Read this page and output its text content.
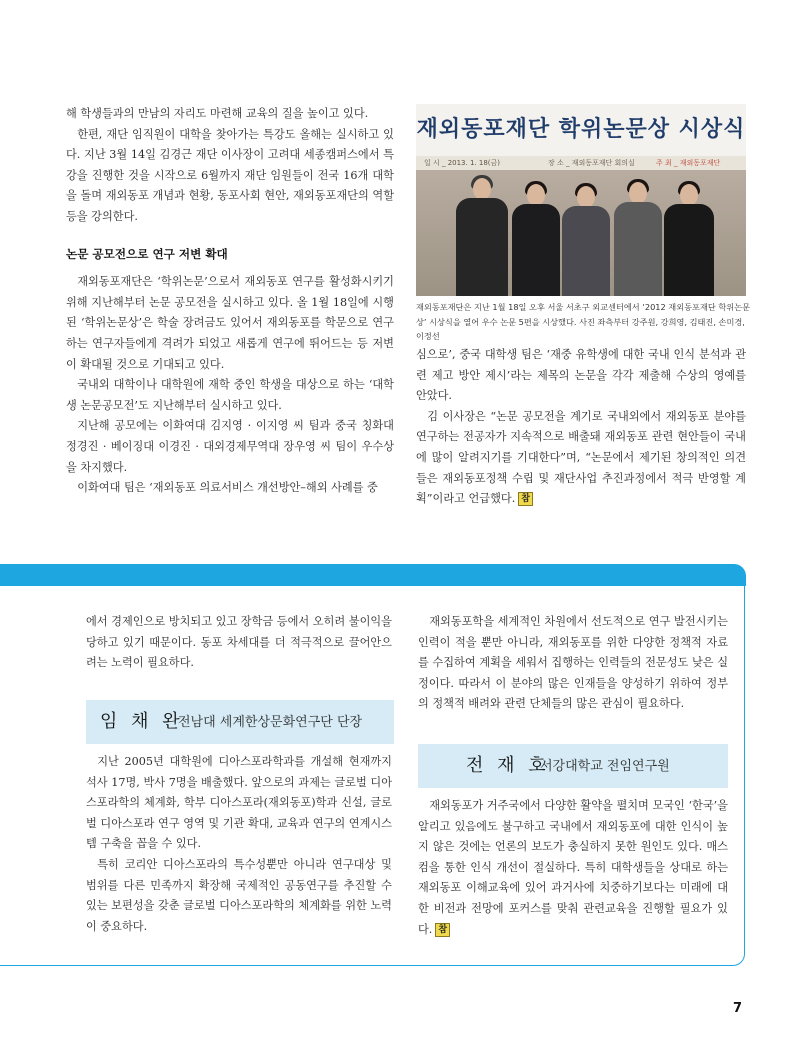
해 학생들과의 만남의 자리도 마련해 교육의 질을 높이고 있다.

한편, 재단 임직원이 대학을 찾아가는 특강도 올해는 실시하고 있다. 지난 3월 14일 김경근 재단 이사장이 고려대 세종캠퍼스에서 특강을 진행한 것을 시작으로 6월까지 재단 임원들이 전국 16개 대학을 돌며 재외동포 개념과 현황, 동포사회 현안, 재외동포재단의 역할 등을 강의한다.

논문 공모전으로 연구 저변 확대

재외동포재단은 ‘학위논문’으로서 재외동포 연구를 활성화시키기 위해 지난해부터 논문 공모전을 실시하고 있다. 올 1월 18일에 시행된 ‘학위논문상’은 학술 장려금도 있어서 재외동포를 학문으로 연구하는 연구자들에게 격려가 되었고 새롭게 연구에 뛰어드는 등 저변이 확대될 것으로 기대되고 있다.

국내외 대학이나 대학원에 재학 중인 학생을 대상으로 하는 ‘대학생 논문공모전’도 지난해부터 실시하고 있다.

지난해 공모에는 이화여대 김지영 · 이지영 씨 팀과 중국 칭화대 정경진 · 베이징대 이경진 · 대외경제무역대 장우영 씨 팀이 우수상을 차지했다.

이화여대 팀은 ‘재외동포 의료서비스 개선방안–해외 사례를 중

재외동포재단 학위논문상 시상식
일 시 _ 2013. 1. 18(금)	장 소 _ 재외동포재단 회의실	주 최 _ 재외동포재단

재외동포재단은 지난 1월 18일 오후 서울 서초구 외교센터에서 ‘2012 재외동포재단 학위논문상’ 시상식을 열어 우수 논문 5편을 시상했다. 사진 좌측부터 강주원, 강희영, 김태진, 손미경, 이정선

심으로’, 중국 대학생 팀은 ‘재중 유학생에 대한 국내 인식 분석과 관련 제고 방안 제시’라는 제목의 논문을 각각 제출해 수상의 영예를 안았다.

김 이사장은 “논문 공모전을 계기로 국내외에서 재외동포 분야를 연구하는 전공자가 지속적으로 배출돼 재외동포 관련 현안들이 국내에 많이 알려지기를 기대한다”며, “논문에서 제기된 창의적인 의견들은 재외동포정책 수립 및 재단사업 추진과정에서 적극 반영할 계획”이라고 언급했다. 참

에서 경제인으로 방치되고 있고 장학금 등에서 오히려 불이익을 당하고 있기 때문이다. 동포 차세대를 더 적극적으로 끌어안으려는 노력이 필요하다.

임 채 완
전남대 세계한상문화연구단 단장

지난 2005년 대학원에 디아스포라학과를 개설해 현재까지 석사 17명, 박사 7명을 배출했다. 앞으로의 과제는 글로벌 디아스포라학의 체계화, 학부 디아스포라(재외동포)학과 신설, 글로벌 디아스포라 연구 영역 및 기관 확대, 교육과 연구의 연계시스템 구축을 꼽을 수 있다.

특히 코리안 디아스포라의 특수성뿐만 아니라 연구대상 및 범위를 다른 민족까지 확장해 국제적인 공동연구를 추진할 수 있는 보편성을 갖춘 글로벌 디아스포라학의 체계화를 위한 노력이 중요하다.

재외동포학을 세계적인 차원에서 선도적으로 연구 발전시키는 인력이 적을 뿐만 아니라, 재외동포를 위한 다양한 정책적 자료를 수집하여 계획을 세워서 집행하는 인력들의 전문성도 낮은 실정이다. 따라서 이 분야의 많은 인재들을 양성하기 위하여 정부의 정책적 배려와 관련 단체들의 많은 관심이 필요하다.

전 재 호
서강대학교 전임연구원

재외동포가 거주국에서 다양한 활약을 펼치며 모국인 ‘한국’을 알리고 있음에도 불구하고 국내에서 재외동포에 대한 인식이 높지 않은 것에는 언론의 보도가 충실하지 못한 원인도 있다. 매스컴을 통한 인식 개선이 절실하다. 특히 대학생들을 상대로 하는 재외동포 이해교육에 있어 과거사에 치중하기보다는 미래에 대한 비전과 전망에 포커스를 맞춰 관련교육을 진행할 필요가 있다. 참

7
